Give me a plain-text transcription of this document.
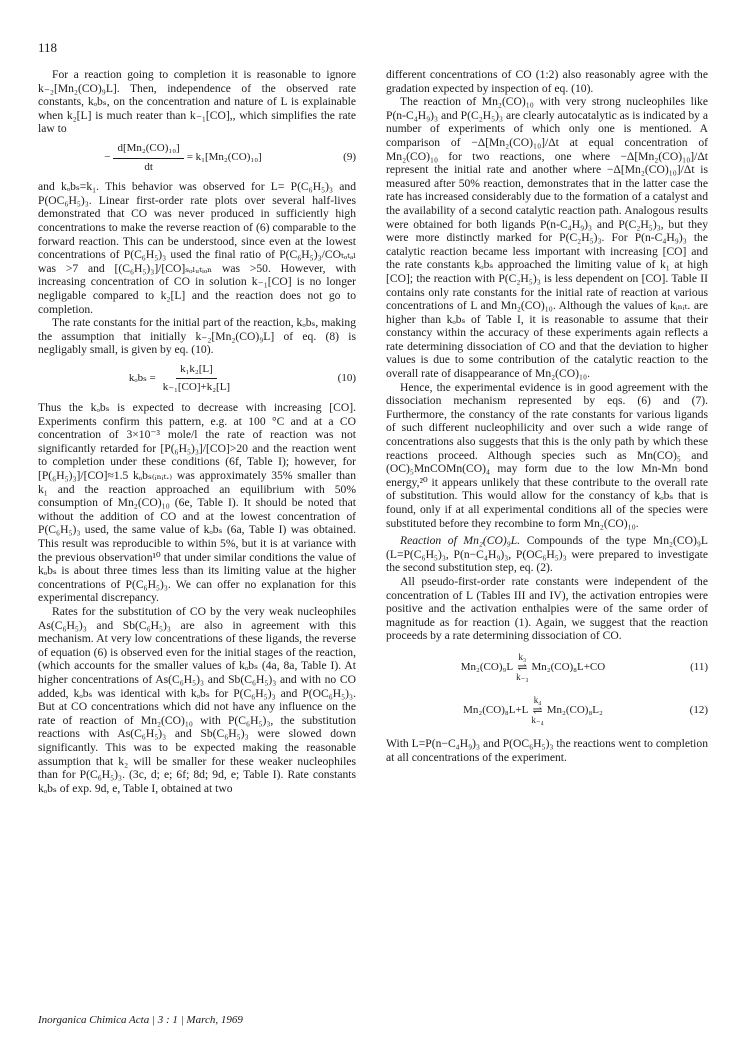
118

For a reaction going to completion it is reasonable to ignore k₋₂[Mn₂(CO)₉L]. Then, independence of the observed rate constants, kₒbₛ, on the concentration and nature of L is explainable when k₂[L] is much reater than k₋₁[CO],, which simplifies the rate law to

− $\frac{\text{d[Mn₂(CO)₁₀]}}{dt} = k_1[Mn_2(CO)_{10}]$	(9)

and kₒbₛ=k₁. This behavior was observed for L= P(C₆H₅)₃ and P(OC₆H₅)₃. Linear first-order rate plots over several half-lives demonstrated that CO was never produced in sufficiently high concentrations to make the reverse reaction of (6) comparable to the forward reaction. This can be understood, since even at the lowest concentrations of P(C₆H₅)₃ used the final ratio of P(C₆H₅)₃/COₜₒₜₐₗ was >7 and [(C₆H₅)₃]/[CO]ₛₒₗᵤₜᵢₒₙ was >50. However, with increasing concentration of CO in solution k₋₁[CO] is no longer negligable compared to k₂[L] and the reaction does not go to completion.

The rate constants for the initial part of the reaction, kₒbₛ, making the assumption that initially k₋₂[Mn₂(CO)₉L] of eq. (8) is negligably small, is given by eq. (10).

$k_ob_s = \frac{\text{k₁k₂[L]}}{\text{k₋₁[CO]+k₂[L]}}$	(10)

Thus the kₒbₛ is expected to decrease with increasing [CO]. Experiments confirm this pattern, e.g. at 100 °C and at a CO concentration of 3×10⁻³ mole/l the rate of reaction was not significantly retarded for [P(₆H₅)₃]/[CO]>20 and the reaction went to completion under these conditions (6f, Table I); however, for [P(₆H₅)₃]/[CO]≈1.5 kₒbₛ₍ᵢₙᵢₜ.₎ was approximately 35% smaller than k₁ and the reaction approached an equilibrium with 50% consumption of Mn₂(CO)₁₀ (6e, Table I). It should be noted that without the addition of CO and at the lowest concentration of P(C₆H₅)₃ used, the same value of kₒbₛ (6a, Table I) was obtained. This result was reproducible to within 5%, but it is at variance with the previous observation¹⁰ that under similar conditions the value of kₒbₛ is about three times less than its limiting value at the higher concentrations of P(C₆H₅)₃. We can offer no explanation for this experimental discrepancy.

Rates for the substitution of CO by the very weak nucleophiles As(C₆H₅)₃ and Sb(C₆H₅)₃ are also in agreement with this mechanism. At very low concentrations of these ligands, the reverse of equation (6) is observed even for the initial stages of the reaction, (which accounts for the smaller values of kₒbₛ (4a, 8a, Table I). At higher concentrations of As(C₆H₅)₃ and Sb(C₆H₅)₃ and with no CO added, kₒbₛ was identical with kₒbₛ for P(C₆H₅)₃ and P(OC₆H₅)₃. But at CO concentrations which did not have any influence on the rate of reaction of Mn₂(CO)₁₀ with P(C₆H₅)₃, the substitution reactions with As(C₆H₅)₃ and Sb(C₆H₅)₃ were slowed down significantly. This was to be expected making the reasonable assumption that k₂ will be smaller for these weaker nucleophiles than for P(C₆H₅)₃. (3c, d; e; 6f; 8d; 9d, e; Table I). Rate constants kₒbₛ of exp. 9d, e, Table I, obtained at two

different concentrations of CO (1:2) also reasonably agree with the gradation expected by inspection of eq. (10).

The reaction of Mn₂(CO)₁₀ with very strong nucleophiles like P(n-C₄H₉)₃ and P(C₂H₅)₃ are clearly autocatalytic as is indicated by a number of experiments of which only one is mentioned. A comparison of −Δ[Mn₂(CO)₁₀]/Δt at equal concentration of Mn₂(CO)₁₀ for two reactions, one where −Δ[Mn₂(CO)₁₀]/Δt represent the initial rate and another where −Δ[Mn₂(CO)₁₀]/Δt is measured after 50% reaction, demonstrates that in the latter case the rate has increased considerably due to the formation of a catalyst and the availability of a second catalytic reaction path. Analogous results were obtained for both ligands P(n-C₄H₉)₃ and P(C₂H₅)₃, but they were more distinctly marked for P(C₂H₅)₃. For P(n-C₄H₉)₃ the catalytic reaction became less important with increasing [CO] and the rate constants kₒbₛ approached the limiting value of k₁ at high [CO]; the reaction with P(C₂H₅)₃ is less dependent on [CO]. Table II contains only rate constants for the initial rate of reaction at various concentrations of L and Mn₂(CO)₁₀. Although the values of kᵢₙᵢₜ. are higher than kₒbₛ of Table I, it is reasonable to assume that their constancy within the accuracy of these experiments again reflects a rate determining dissociation of CO and that the deviation to higher values is due to some contribution of the catalytic reaction to the overall rate of disappearance of Mn₂(CO)₁₀.

Hence, the experimental evidence is in good agreement with the dissociation mechanism represented by eqs. (6) and (7). Furthermore, the constancy of the rate constants for various ligands of such different nucleophilicity and over such a wide range of concentrations also suggests that this is the only path by which these reactions proceed. Although species such as Mn(CO)₅ and (OC)₅MnCOMn(CO)₄ may form due to the low Mn-Mn bond energy,²⁰ it appears unlikely that these contribute to the overall rate of substitution. This would allow for the constancy of kₒbₛ that is found, only if at all experimental conditions all of the species were substituted before they recombine to form Mn₂(CO)₁₀.

Reaction of Mn₂(CO)₉L. Compounds of the type Mn₂(CO)₉L (L=P(C₆H₅)₃, P(n−C₄H₉)₃, P(OC₆H₅)₃ were prepared to investigate the second substitution step, eq. (2).

All pseudo-first-order rate constants were independent of the concentration of L (Tables III and IV), the activation entropies were positive and the activation enthalpies were of the same order of magnitude as for reaction (1). Again, we suggest that the reaction proceeds by a rate determining dissociation of CO.

Mn₂(CO)₉L
k₃
⇌
k₋₃
Mn₂(CO)₈L+CO	(11)
Mn₂(CO)₈L+L
k₄
⇌
k₋₄
Mn₂(CO)₈L₂	(12)

With L=P(n−C₄H₉)₃ and P(OC₆H₅)₃ the reactions went to completion at all concentrations of the experiment.

Inorganica Chimica Acta | 3 : 1 | March, 1969
